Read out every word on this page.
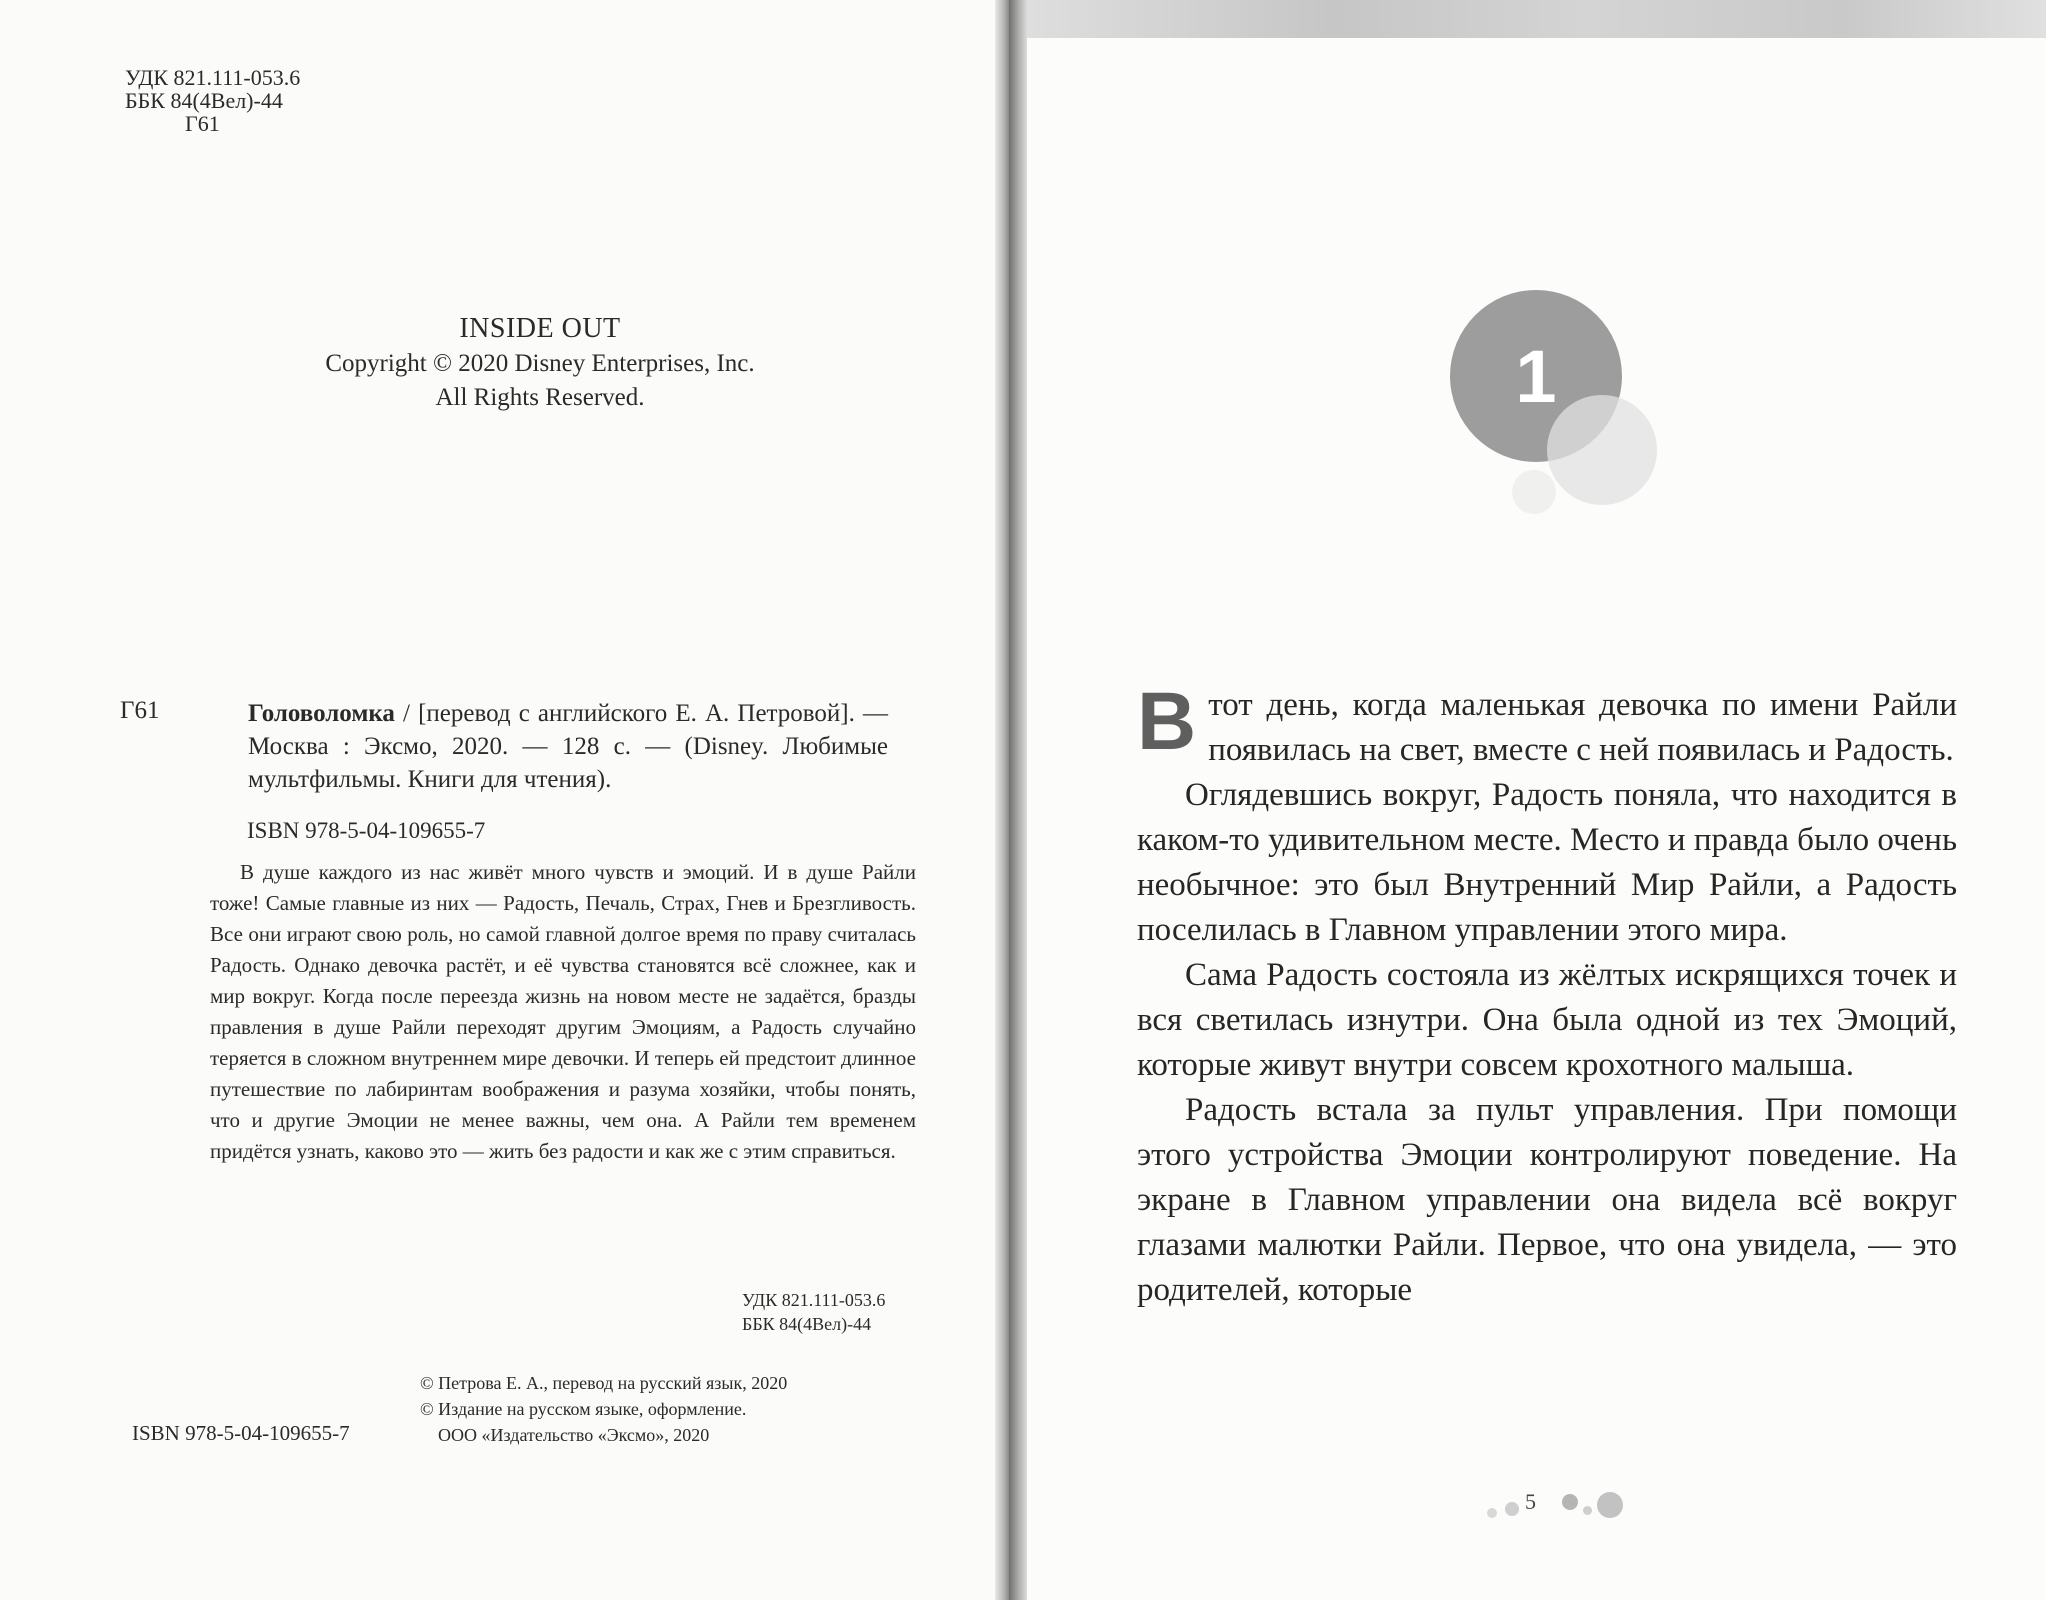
УДК 821.111-053.6
ББК 84(4Вел)-44
Г61
INSIDE OUT
Copyright © 2020 Disney Enterprises, Inc.
All Rights Reserved.
Г61	Головоломка / [перевод с английского Е. А. Петровой]. — Москва : Эксмо, 2020. — 128 с. — (Disney. Любимые мультфильмы. Книги для чтения).
ISBN 978-5-04-109655-7

В душе каждого из нас живёт много чувств и эмоций. И в душе Райли тоже! Самые главные из них — Радость, Печаль, Страх, Гнев и Брезгливость. Все они играют свою роль, но самой главной долгое время по праву считалась Радость. Однако девочка растёт, и её чувства становятся всё сложнее, как и мир вокруг. Когда после переезда жизнь на новом месте не задаётся, бразды правления в душе Райли переходят другим Эмоциям, а Радость случайно теряется в сложном внутреннем мире девочки. И теперь ей предстоит длинное путешествие по лабиринтам воображения и разума хозяйки, чтобы понять, что и другие Эмоции не менее важны, чем она. А Райли тем временем придётся узнать, каково это — жить без радости и как же с этим справиться.

УДК 821.111-053.6
ББК 84(4Вел)-44
© Петрова Е. А., перевод на русский язык, 2020
© Издание на русском языке, оформление.
ООО «Издательство «Эксмо», 2020
ISBN 978-5-04-109655-7
1

Втот день, когда маленькая девочка по имени Райли появилась на свет, вместе с ней появилась и Радость.

Оглядевшись вокруг, Радость поняла, что находится в каком-то удивительном месте. Место и правда было очень необычное: это был Внутренний Мир Райли, а Радость поселилась в Главном управлении этого мира.

Сама Радость состояла из жёлтых искрящихся точек и вся светилась изнутри. Она была одной из тех Эмоций, которые живут внутри совсем крохотного малыша.

Радость встала за пульт управления. При помощи этого устройства Эмоции контролируют поведение. На экране в Главном управлении она видела всё вокруг глазами малютки Райли. Первое, что она увидела, — это родителей, которые

5
